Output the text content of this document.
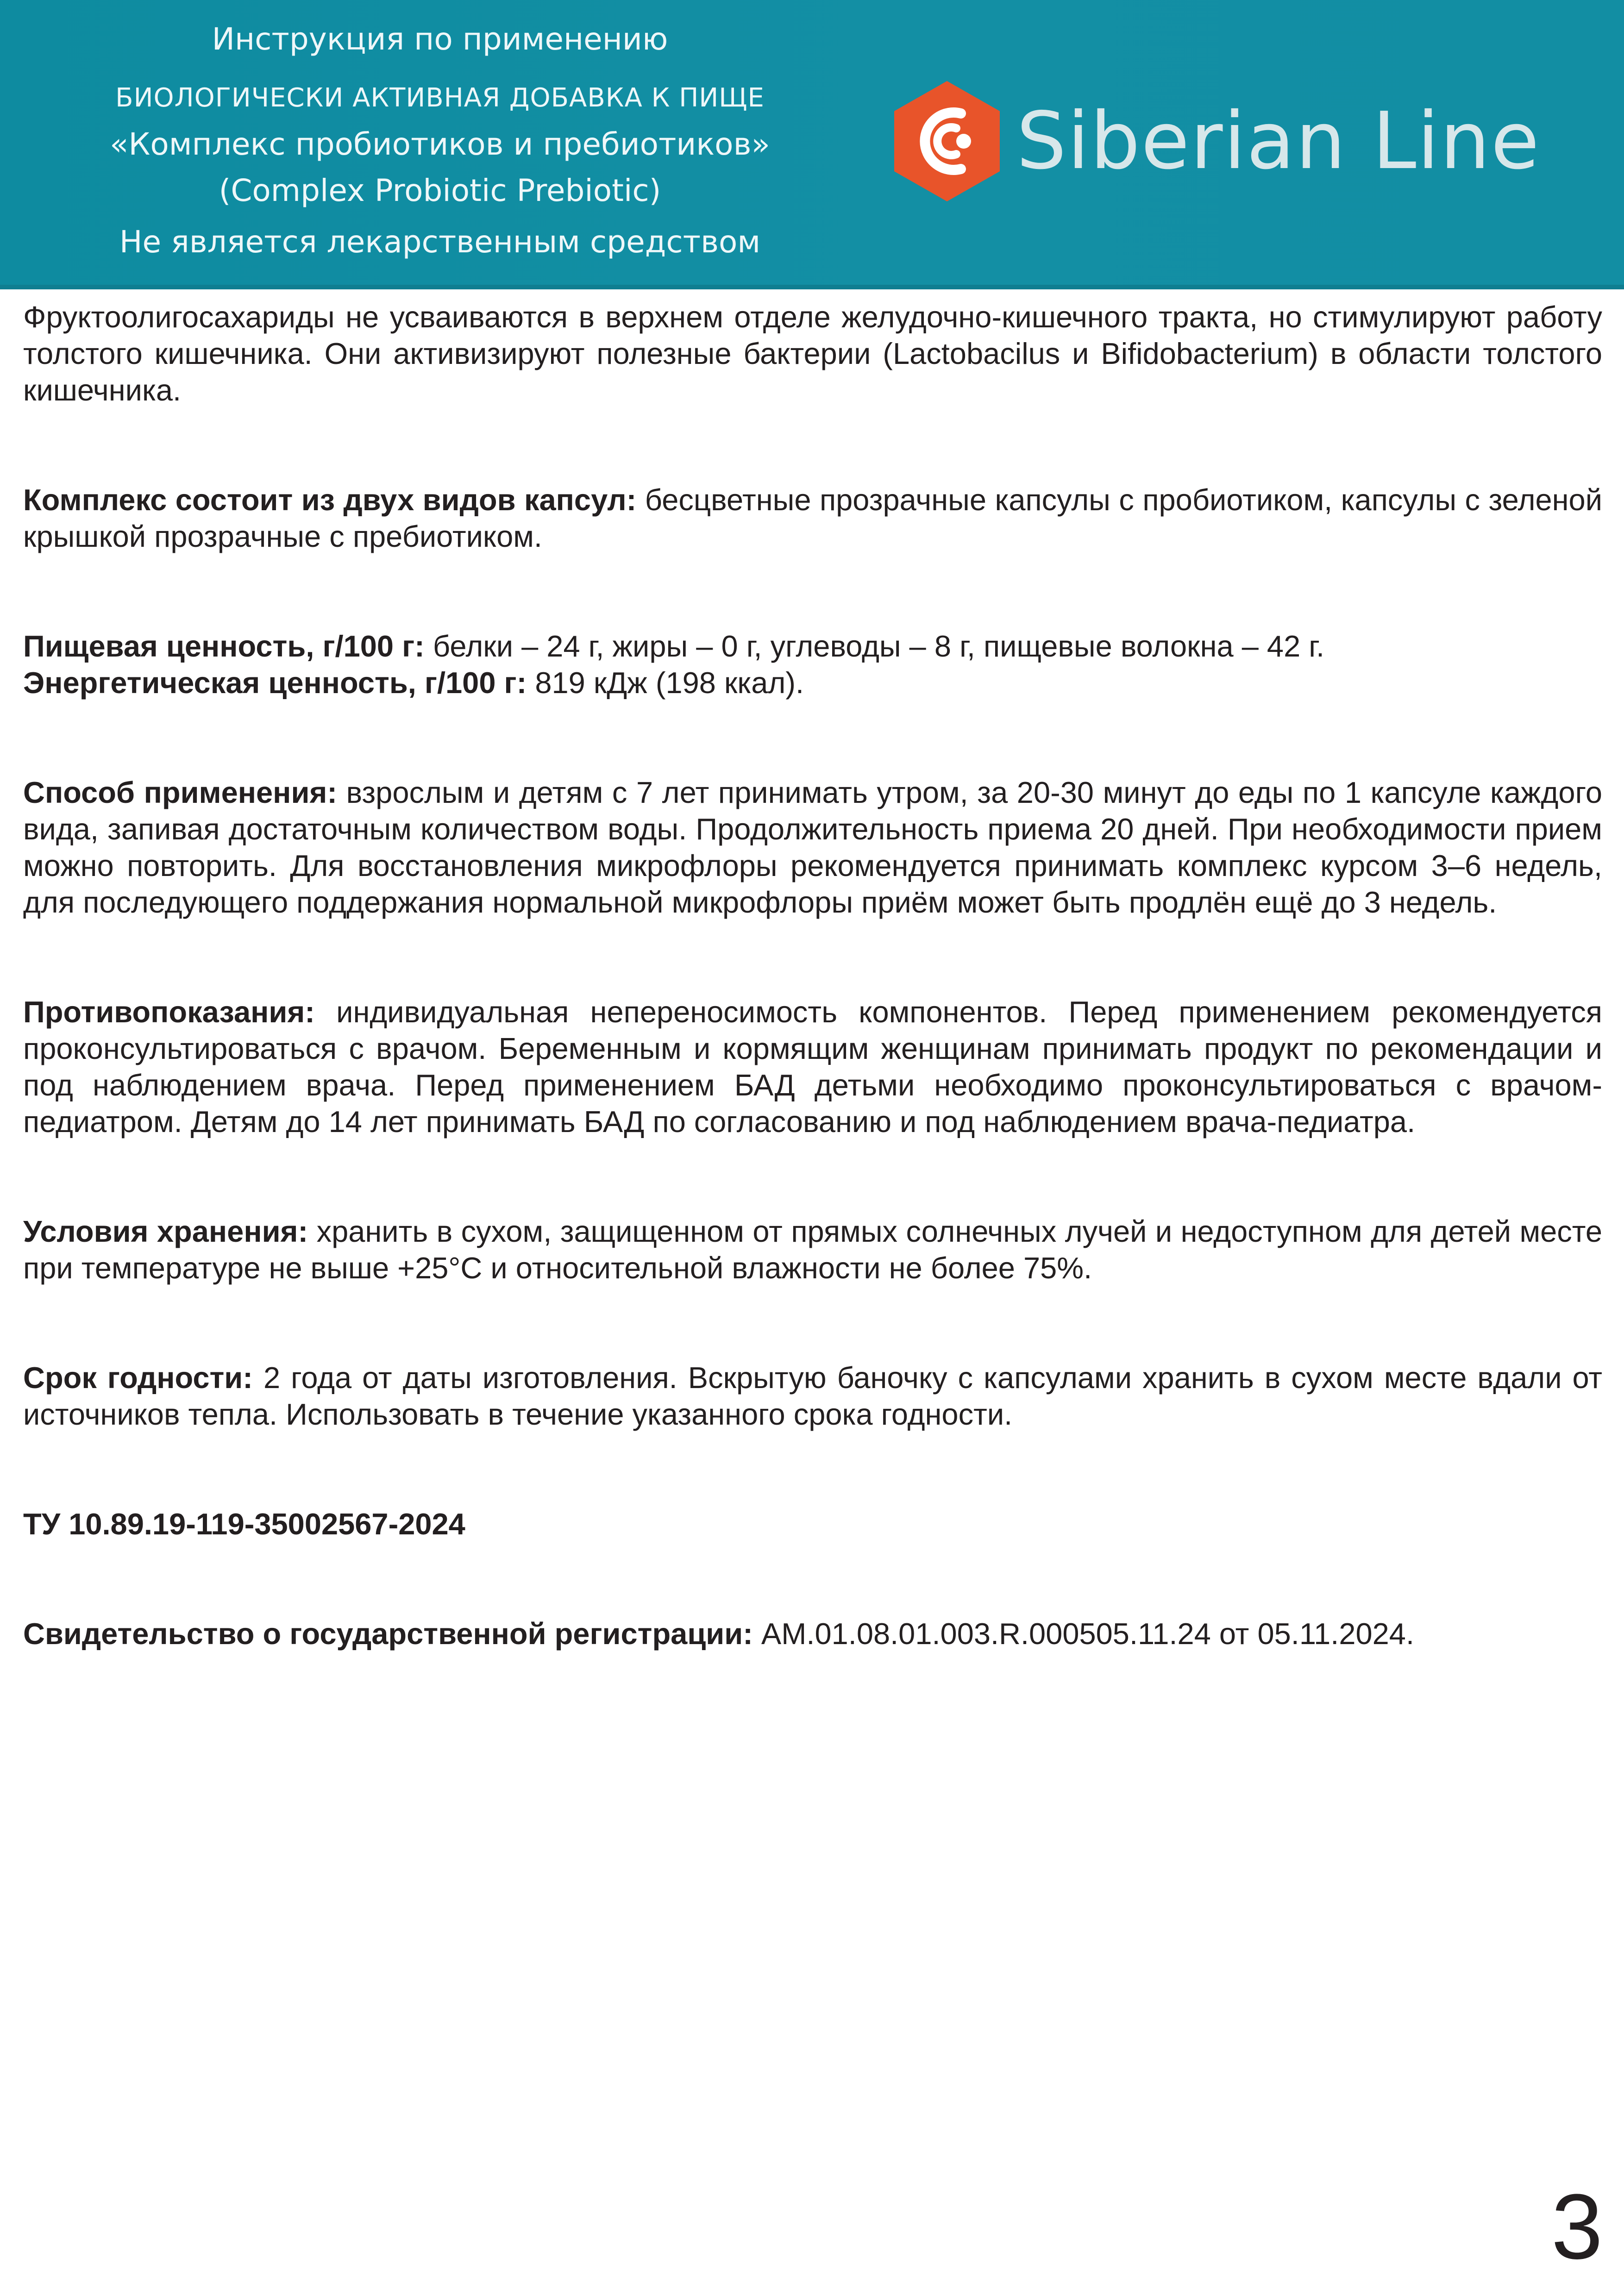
Инструкция по применению
БИОЛОГИЧЕСКИ АКТИВНАЯ ДОБАВКА К ПИЩЕ
«Комплекс пробиотиков и пребиотиков»
(Complex Probiotic Prebiotic)
Не является лекарственным средством
Siberian Line

Фруктоолигосахариды не усваиваются в верхнем отделе желудочно-кишечного тракта, но стимулируют работу толстого кишечника. Они активизируют полезные бактерии (Lactobacilus и Bifidobacterium) в области толстого кишечника.

Комплекс состоит из двух видов капсул: бесцветные прозрачные капсулы с пробиотиком, капсулы с зеленой крышкой прозрачные с пребиотиком.

Пищевая ценность, г/100 г: белки – 24 г, жиры – 0 г, углеводы – 8 г, пищевые волокна – 42 г.

Энергетическая ценность, г/100 г: 819 кДж (198 ккал).

Способ применения: взрослым и детям с 7 лет принимать утром, за 20-30 минут до еды по 1 капсуле каждого вида, запивая достаточным количеством воды. Продолжительность приема 20 дней. При необходимости прием можно повторить. Для восстановления микрофлоры рекомендуется принимать комплекс курсом 3–6 недель, для последующего поддержания нормальной микрофлоры приём может быть продлён ещё до 3 недель.

Противопоказания: индивидуальная непереносимость компонентов. Перед применением рекомендуется проконсультироваться с врачом. Беременным и кормящим женщинам принимать продукт по рекомендации и под наблюдением врача. Перед применением БАД детьми необходимо проконсультироваться с врачом-педиатром. Детям до 14 лет принимать БАД по согласованию и под наблюдением врача-педиатра.

Условия хранения: хранить в сухом, защищенном от прямых солнечных лучей и недоступном для детей месте при температуре не выше +25°С и относительной влажности не более 75%.

Срок годности: 2 года от даты изготовления. Вскрытую баночку с капсулами хранить в сухом месте вдали от источников тепла. Использовать в течение указанного срока годности.

ТУ 10.89.19-119-35002567-2024

Свидетельство о государственной регистрации: AM.01.08.01.003.R.000505.11.24 от 05.11.2024.

3
